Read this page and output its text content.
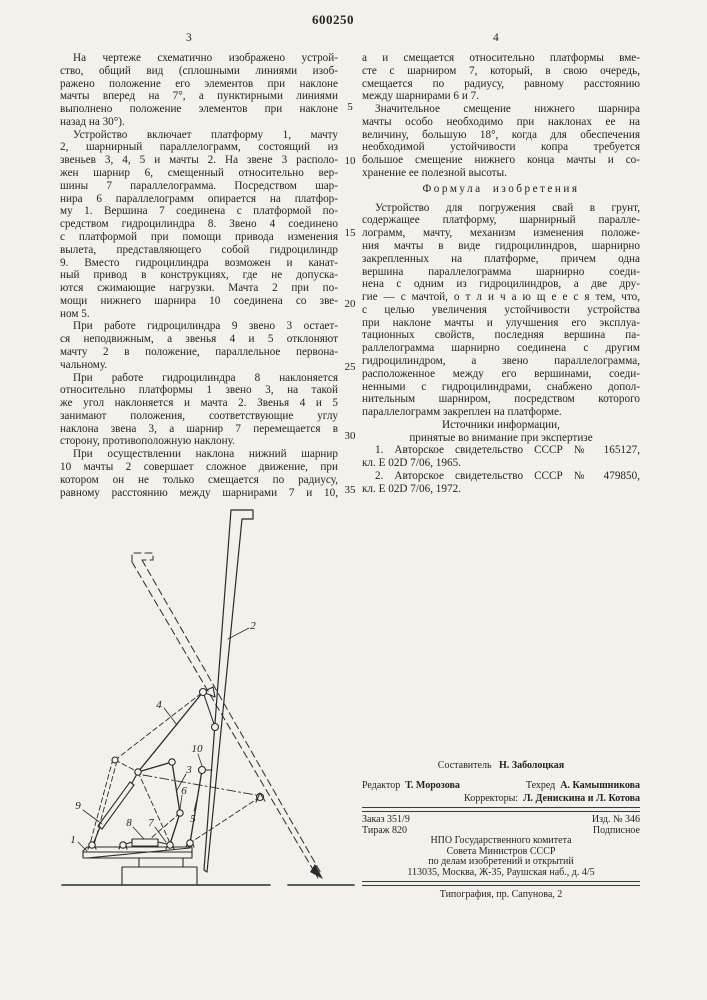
600250
3	4
На чертеже схематично изображено устрой-
ство, общий вид (сплошными линиями изоб-
ражено положение его элементов при наклоне
мачты вперед на 7°, а пунктирными линиями
выполнено положение элементов при наклоне
назад на 30°).
Устройство включает платформу 1, мачту
2, шарнирный параллелограмм, состоящий из
звеньев 3, 4, 5 и мачты 2. На звене 3 располо-
жен шарнир 6, смещенный относительно вер-
шины 7 параллелограмма. Посредством шар-
нира 6 параллелограмм опирается на платфор-
му 1. Вершина 7 соединена с платформой по-
средством гидроцилиндра 8. Звено 4 соединено
с платформой при помощи привода изменения
вылета, представляющего собой гидроцилиндр
9. Вместо гидроцилиндра возможен и канат-
ный привод в конструкциях, где не допуска-
ются сжимающие нагрузки. Мачта 2 при по-
мощи нижнего шарнира 10 соединена со зве-
ном 5.
При работе гидроцилиндра 9 звено 3 остает-
ся неподвижным, а звенья 4 и 5 отклоняют
мачту 2 в положение, параллельное первона-
чальному.
При работе гидроцилиндра 8 наклоняется
относительно платформы 1 звено 3, на такой
же угол наклоняется и мачта 2. Звенья 4 и 5
занимают положения, соответствующие углу
наклона звена 3, а шарнир 7 перемещается в
сторону, противоположную наклону.
При осуществлении наклона нижний шарнир
10 мачты 2 совершает сложное движение, при
котором он не только смещается по радиусу,
равному расстоянию между шарнирами 7 и 10,
а и смещается относительно платформы вме-
сте с шарниром 7, который, в свою очередь,
смещается по радиусу, равному расстоянию
между шарнирами 6 и 7.
Значительное смещение нижнего шарнира
мачты особо необходимо при наклонах ее на
величину, большую 18°, когда для обеспечения
необходимой устойчивости копра требуется
большое смещение нижнего конца мачты и со-
хранение ее полезной высоты.
Формула изобретения
Устройство для погружения свай в грунт,
содержащее платформу, шарнирный паралле-
лограмм, мачту, механизм изменения положе-
ния мачты в виде гидроцилиндров, шарнирно
закрепленных на платформе, причем одна
вершина параллелограмма шарнирно соеди-
нена с одним из гидроцилиндров, а две дру-
гие — с мачтой, о т л и ч а ю щ е е с я тем, что,
с целью увеличения устойчивости устройства
при наклоне мачты и улучшения его эксплуа-
тационных свойств, последняя вершина па-
раллелограмма шарнирно соединена с другим
гидроцилиндром, а звено параллелограмма,
расположенное между его вершинами, соеди-
ненными с гидроцилиндрами, снабжено допол-
нительным шарниром, посредством которого
параллелограмм закреплен на платформе.
Источники информации,
принятые во внимание при экспертизе
1. Авторское свидетельство СССР № 165127,
кл. Е 02D 7/06, 1965.
2. Авторское свидетельство СССР № 479850,
кл. Е 02D 7/06, 1972.
5
10
15
20
25
30
35
1
2
3
4
5
6
7
8
9
10
Составитель Н. Заболоцкая
Редактор Т. Морозова	Техред А. Камышникова
Корректоры: Л. Денискина и Л. Котова
Заказ 351/9	Изд. № 346
Тираж 820	Подписное
НПО Государственного комитета
Совета Министров СССР
по делам изобретений и открытий
113035, Москва, Ж-35, Раушская наб., д. 4/5
Типография, пр. Сапунова, 2
